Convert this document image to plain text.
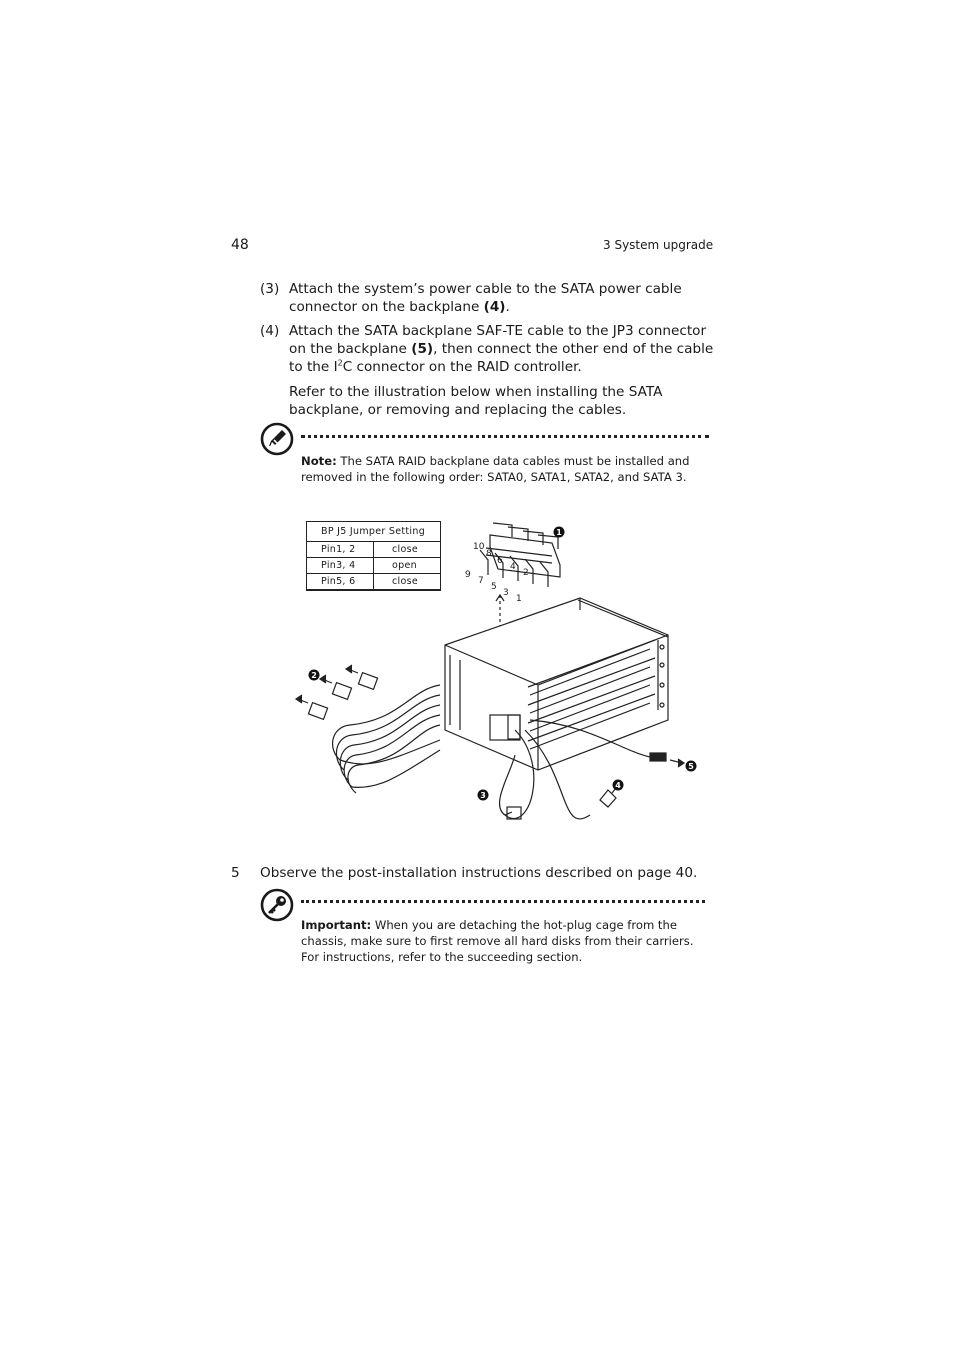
48	3 System upgrade
(3) Attach the system’s power cable to the SATA power cable connector on the backplane (4).
(4) Attach the SATA backplane SAF-TE cable to the JP3 connector on the backplane (5), then connect the other end of the cable to the $I^2C$ connector on the RAID controller.
Refer to the illustration below when installing the SATA backplane, or removing and replacing the cables.
Note: The SATA RAID backplane data cables must be installed and removed in the following order: SATA0, SATA1, SATA2, and SATA 3.
BP J5 Jumper Setting	
Pin1, 2	close
Pin3, 4	open
Pin5, 6	close
10
8
6
4
2
9
7
5
3
1
1
2
3
4
5
5 Observe the post-installation instructions described on page 40.
Important: When you are detaching the hot-plug cage from the chassis, make sure to first remove all hard disks from their carriers. For instructions, refer to the succeeding section.
